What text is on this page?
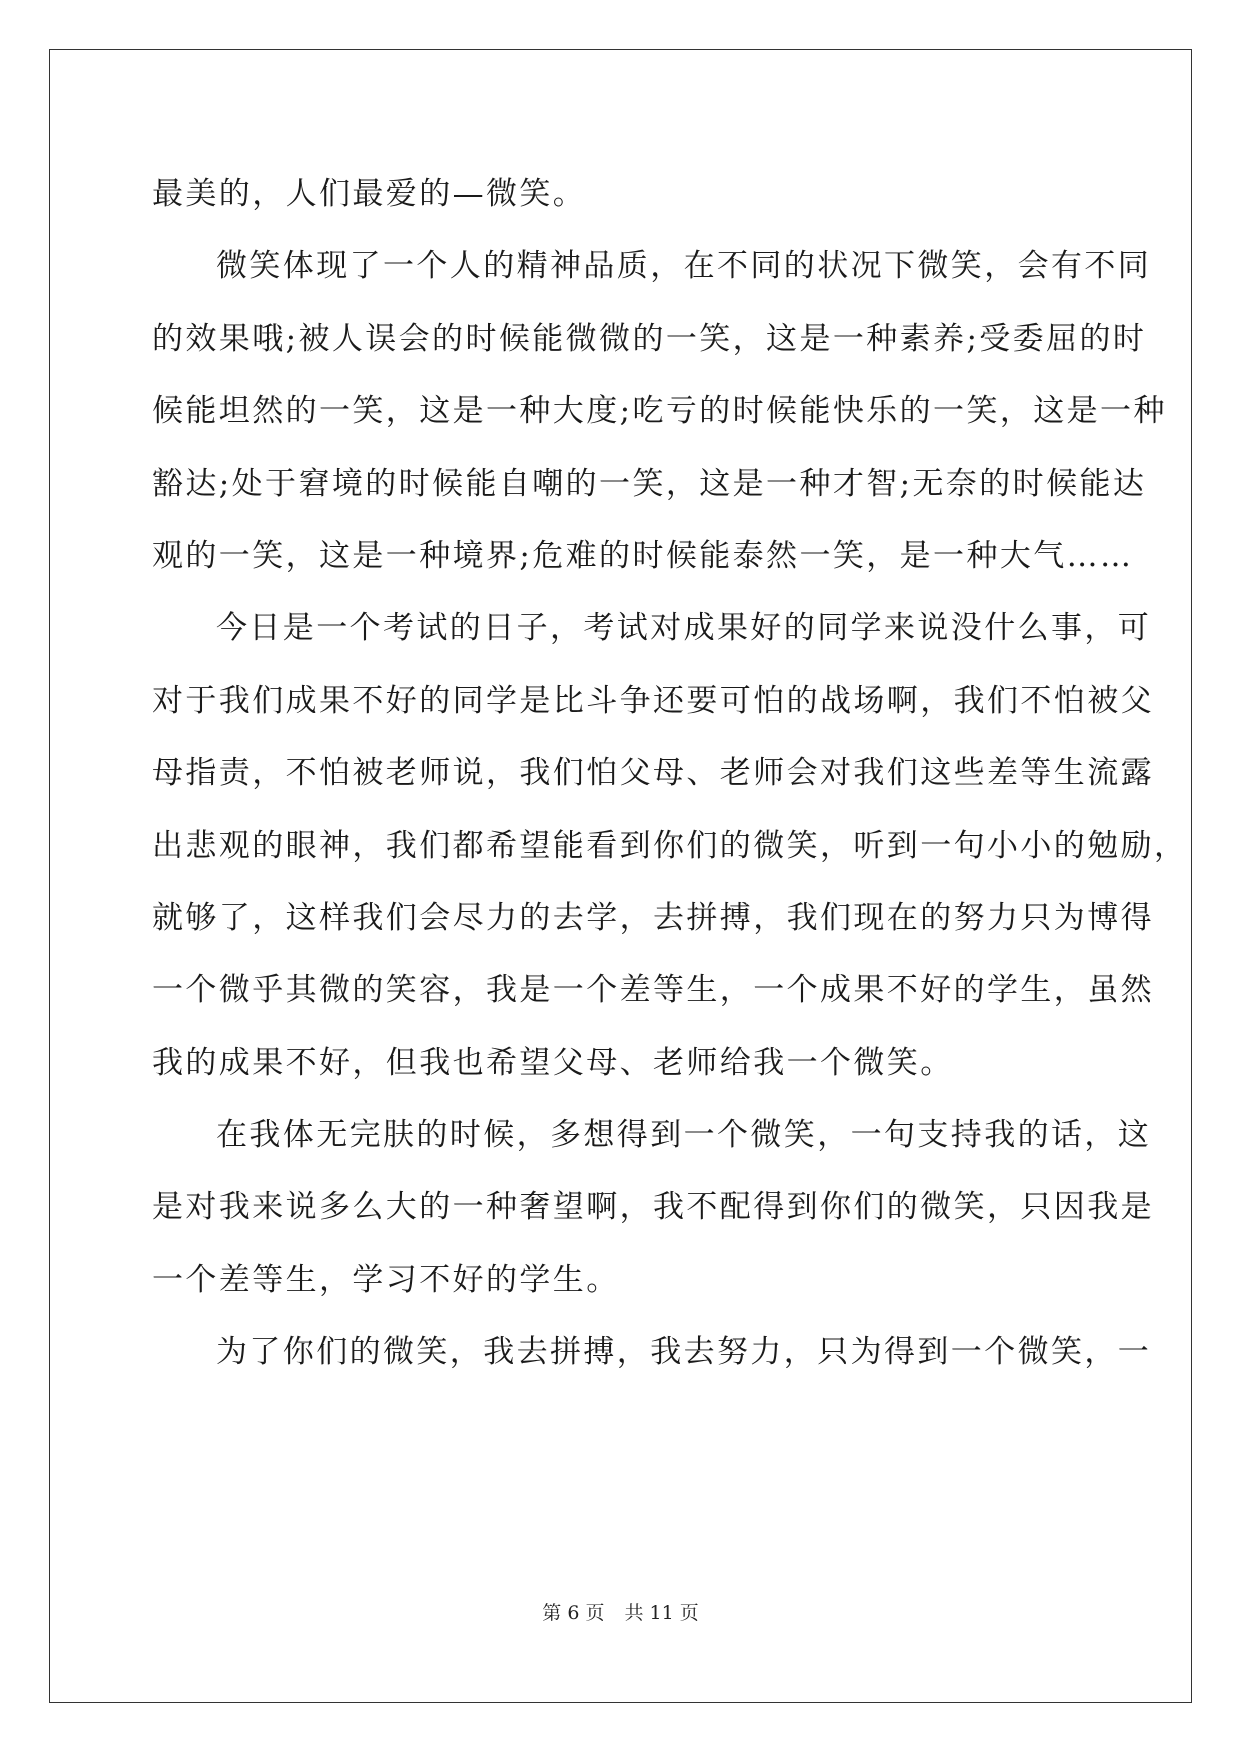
最美的，人们最爱的—微笑。
微笑体现了一个人的精神品质，在不同的状况下微笑，会有不同
的效果哦;被人误会的时候能微微的一笑，这是一种素养;受委屈的时
候能坦然的一笑，这是一种大度;吃亏的时候能快乐的一笑，这是一种
豁达;处于窘境的时候能自嘲的一笑，这是一种才智;无奈的时候能达
观的一笑，这是一种境界;危难的时候能泰然一笑，是一种大气……
今日是一个考试的日子，考试对成果好的同学来说没什么事，可
对于我们成果不好的同学是比斗争还要可怕的战场啊，我们不怕被父
母指责，不怕被老师说，我们怕父母、老师会对我们这些差等生流露
出悲观的眼神，我们都希望能看到你们的微笑，听到一句小小的勉励，
就够了，这样我们会尽力的去学，去拼搏，我们现在的努力只为博得
一个微乎其微的笑容，我是一个差等生，一个成果不好的学生，虽然
我的成果不好，但我也希望父母、老师给我一个微笑。
在我体无完肤的时候，多想得到一个微笑，一句支持我的话，这
是对我来说多么大的一种奢望啊，我不配得到你们的微笑，只因我是
一个差等生，学习不好的学生。
为了你们的微笑，我去拼搏，我去努力，只为得到一个微笑，一
第 6 页 共 11 页
